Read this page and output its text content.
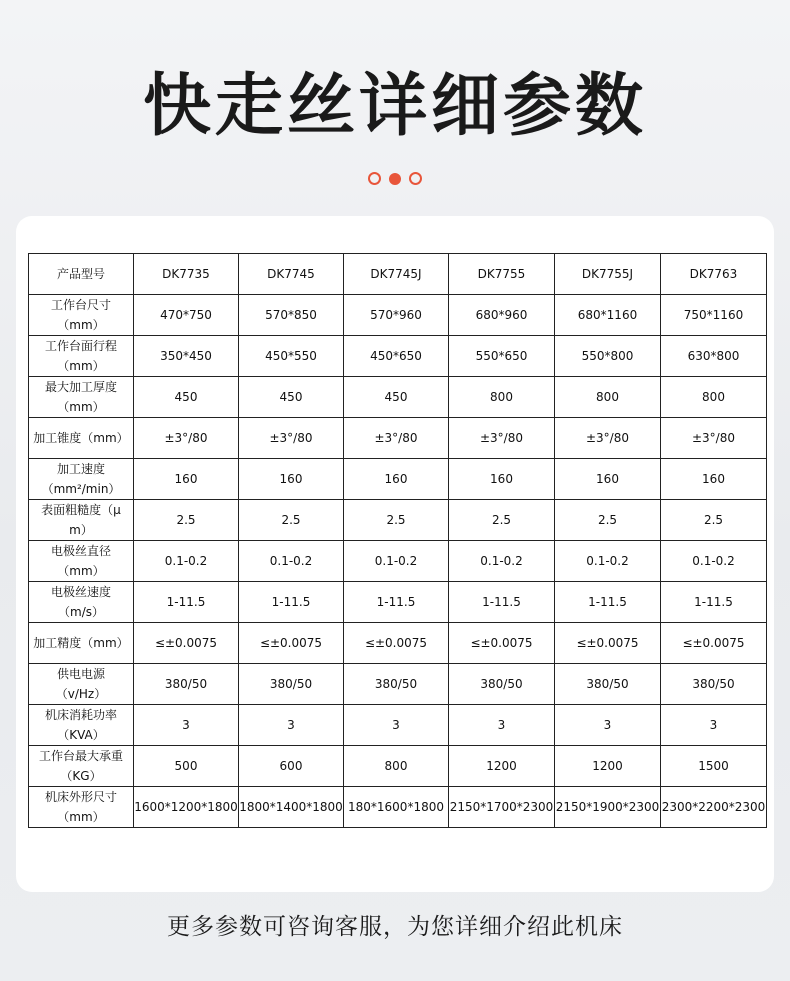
快走丝详细参数
产品型号	DK7735	DK7745	DK7745J	DK7755	DK7755J	DK7763
工作台尺寸
（mm）	470*750	570*850	570*960	680*960	680*1160	750*1160
工作台面行程
（mm）	350*450	450*550	450*650	550*650	550*800	630*800
最大加工厚度
（mm）	450	450	450	800	800	800
加工锥度（mm）	±3°/80	±3°/80	±3°/80	±3°/80	±3°/80	±3°/80
加工速度
（mm²/min）	160	160	160	160	160	160
表面粗糙度（μ
m）	2.5	2.5	2.5	2.5	2.5	2.5
电极丝直径
（mm）	0.1-0.2	0.1-0.2	0.1-0.2	0.1-0.2	0.1-0.2	0.1-0.2
电极丝速度
（m/s）	1-11.5	1-11.5	1-11.5	1-11.5	1-11.5	1-11.5
加工精度（mm）	≤±0.0075	≤±0.0075	≤±0.0075	≤±0.0075	≤±0.0075	≤±0.0075
供电电源
（v/Hz）	380/50	380/50	380/50	380/50	380/50	380/50
机床消耗功率
（KVA）	3	3	3	3	3	3
工作台最大承重
（KG）	500	600	800	1200	1200	1500
机床外形尺寸
（mm）	1600*1200*1800	1800*1400*1800	180*1600*1800	2150*1700*2300	2150*1900*2300	2300*2200*2300
更多参数可咨询客服，为您详细介绍此机床
